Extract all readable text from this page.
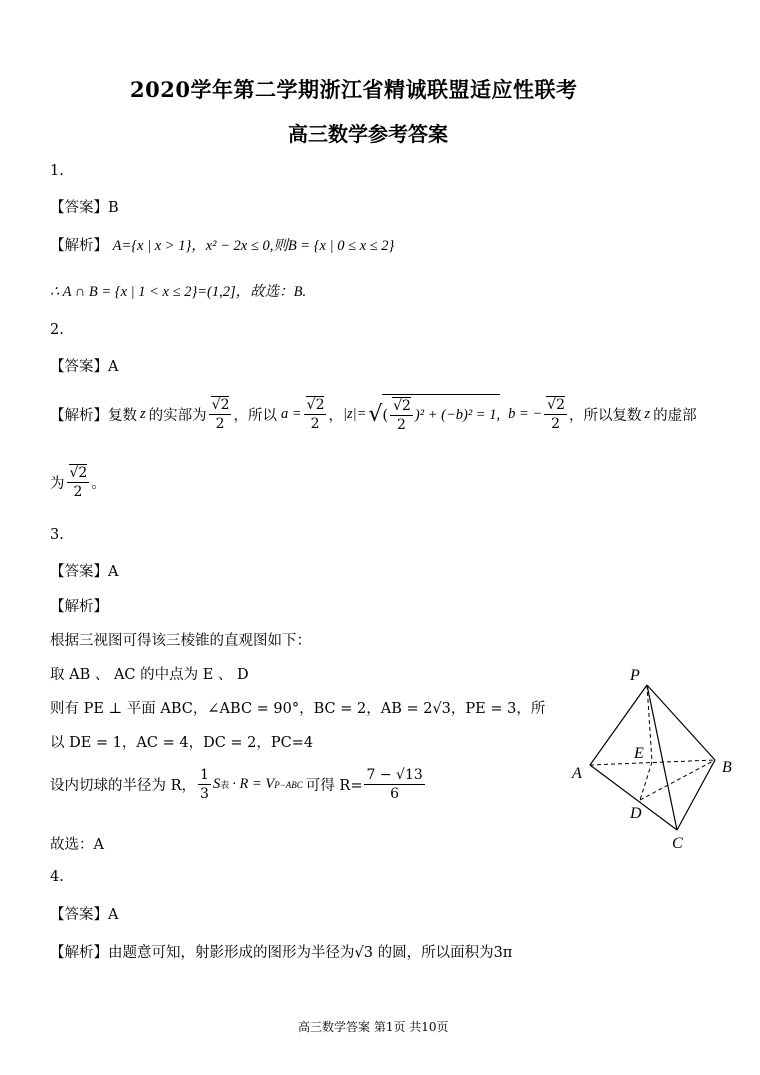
2020学年第二学期浙江省精诚联盟适应性联考
高三数学参考答案
1.
【答案】B
【解析】 A={x | x > 1}，x² − 2x ≤ 0,则B = {x | 0 ≤ x ≤ 2}
∴ A ∩ B = {x | 1 < x ≤ 2}=(1,2]，故选：B.
2.
【答案】A
【解析】 复数 z 的实部为 $\frac{√2}{2}$ ，所以 $a = \frac{√2}{2}$ ， |z|= √ ( $\frac{√2}{2} )^2 + (-b)^2 = 1$, b = − $\frac{√2}{2}$ ，所以复数 z 的虚部
为 $\frac{√2}{2}$ 。
3.
【答案】A
【解析】
根据三视图可得该三棱锥的直观图如下：
取 AB 、 AC 的中点为 E 、 D
则有 PE ⊥ 平面 ABC，∠ABC = 90°，BC = 2，AB = 2√3，PE = 3，所
以 DE = 1，AC = 4，DC = 2，PC=4
设内切球的半径为 R， $\frac{1}{3}$ S 表 · R = V P−ABC 可得 $R= \frac{7 - √13}{6}$
故选：A
P
A	B
C
D
E
4.
【答案】A
【解析】由题意可知，射影形成的图形为半径为√3 的圆，所以面积为3π
高三数学答案 第1页 共10页
